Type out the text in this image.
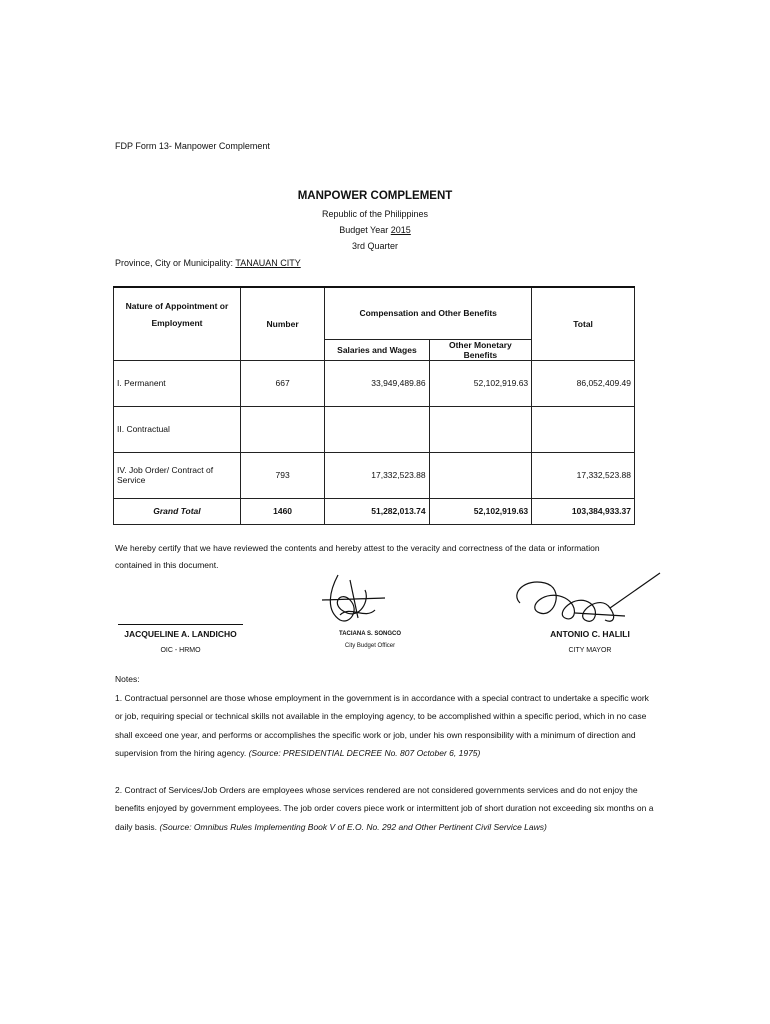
FDP Form 13- Manpower Complement
MANPOWER COMPLEMENT
Republic of the Philippines
Budget Year 2015
3rd Quarter
Province, City or Municipality: TANAUAN CITY
Nature of Appointment or Employment	Number	Compensation and Other Benefits		Total
		Salaries and Wages	Other Monetary Benefits	
I. Permanent	667	33,949,489.86	52,102,919.63	86,052,409.49
II. Contractual				
IV. Job Order/ Contract of Service	793	17,332,523.88		17,332,523.88
Grand Total	1460	51,282,013.74	52,102,919.63	103,384,933.37
We hereby certify that we have reviewed the contents and hereby attest to the veracity and correctness of the data or information contained in this document.
JACQUELINE A. LANDICHO
OIC - HRMO
TACIANA S. SONGCO
City Budget Officer
ANTONIO C. HALILI
CITY MAYOR

Notes:

1. Contractual personnel are those whose employment in the government is in accordance with a special contract to undertake a specific work or job, requiring special or technical skills not available in the employing agency, to be accomplished within a specific period, which in no case shall exceed one year, and performs or accomplishes the specific work or job, under his own responsibility with a minimum of direction and supervision from the hiring agency. (Source: PRESIDENTIAL DECREE No. 807 October 6, 1975)

2. Contract of Services/Job Orders are employees whose services rendered are not considered governments services and do not enjoy the benefits enjoyed by government employees. The job order covers piece work or intermittent job of short duration not exceeding six months on a daily basis. (Source: Omnibus Rules Implementing Book V of E.O. No. 292 and Other Pertinent Civil Service Laws)
